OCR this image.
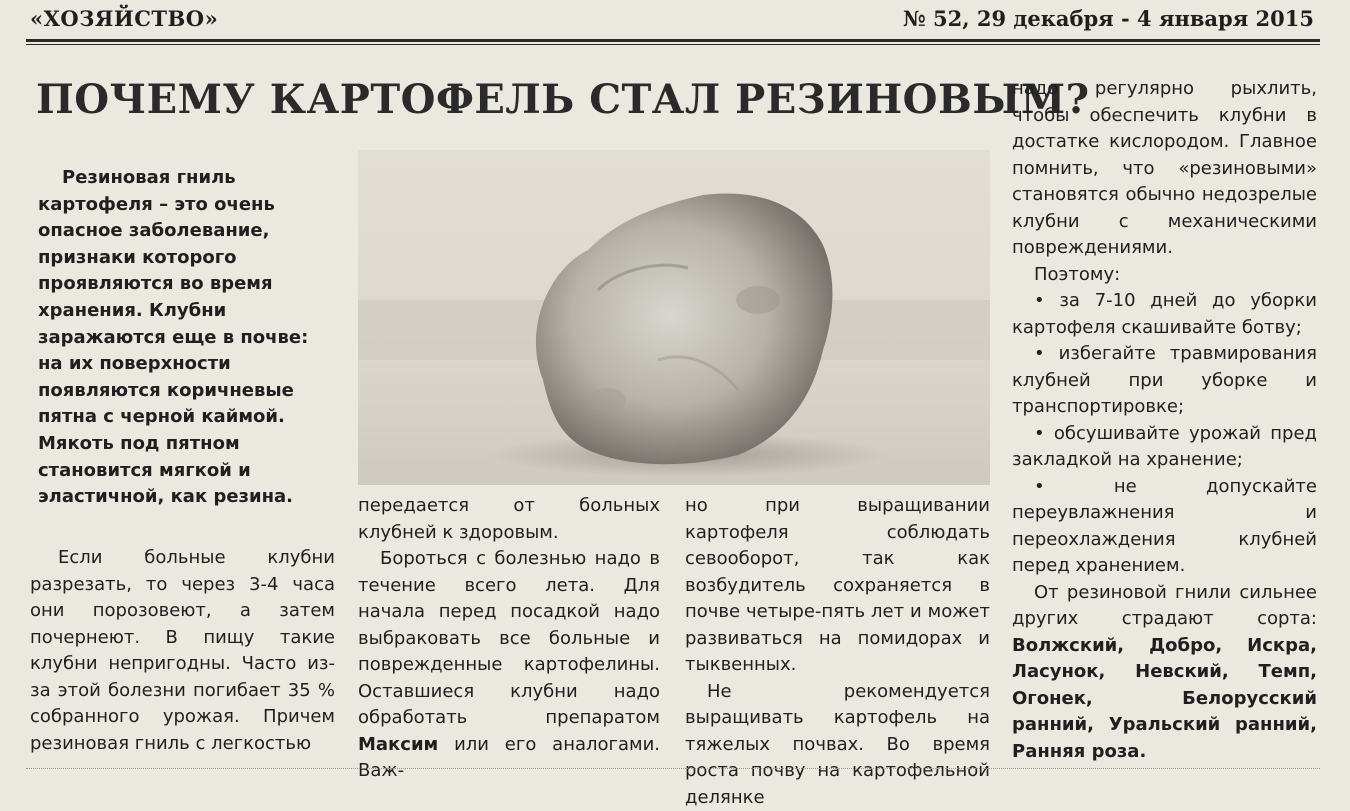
«ХОЗЯЙСТВО»	№ 52, 29 декабря - 4 января 2015
ПОЧЕМУ КАРТОФЕЛЬ СТАЛ РЕЗИНОВЫМ?

Резиновая гниль картофеля – это очень опасное заболевание, признаки которого проявляются во время хранения. Клубни заражаются еще в почве: на их поверхности появляются коричневые пятна с черной каймой. Мякоть под пятном становится мягкой и эластичной, как резина.

Если больные клубни разрезать, то через 3-4 часа они порозовеют, а затем почернеют. В пищу такие клубни непригодны. Часто из-за этой болезни погибает 35 % собранного урожая. Причем резиновая гниль с легкостью

передается от больных клубней к здоровым.

Бороться с болезнью надо в течение всего лета. Для начала перед посадкой надо выбраковать все больные и поврежденные картофелины. Оставшиеся клубни надо обработать препаратом Максим или его аналогами. Важ-

но при выращивании картофеля соблюдать севооборот, так как возбудитель сохраняется в почве четыре-пять лет и может развиваться на помидорах и тыквенных.

Не рекомендуется выращивать картофель на тяжелых почвах. Во время роста почву на картофельной делянке

надо регулярно рыхлить, чтобы обеспечить клубни в достатке кислородом. Главное помнить, что «резиновыми» становятся обычно недозрелые клубни с механическими повреждениями.

Поэтому:

• за 7-10 дней до уборки картофеля скашивайте ботву;

• избегайте травмирования клубней при уборке и транспортировке;

• обсушивайте урожай пред закладкой на хранение;

• не допускайте переувлажнения и переохлаждения клубней перед хранением.

От резиновой гнили сильнее других страдают сорта: Волжский, Добро, Искра, Ласунок, Невский, Темп, Огонек, Белорусский ранний, Уральский ранний, Ранняя роза.
